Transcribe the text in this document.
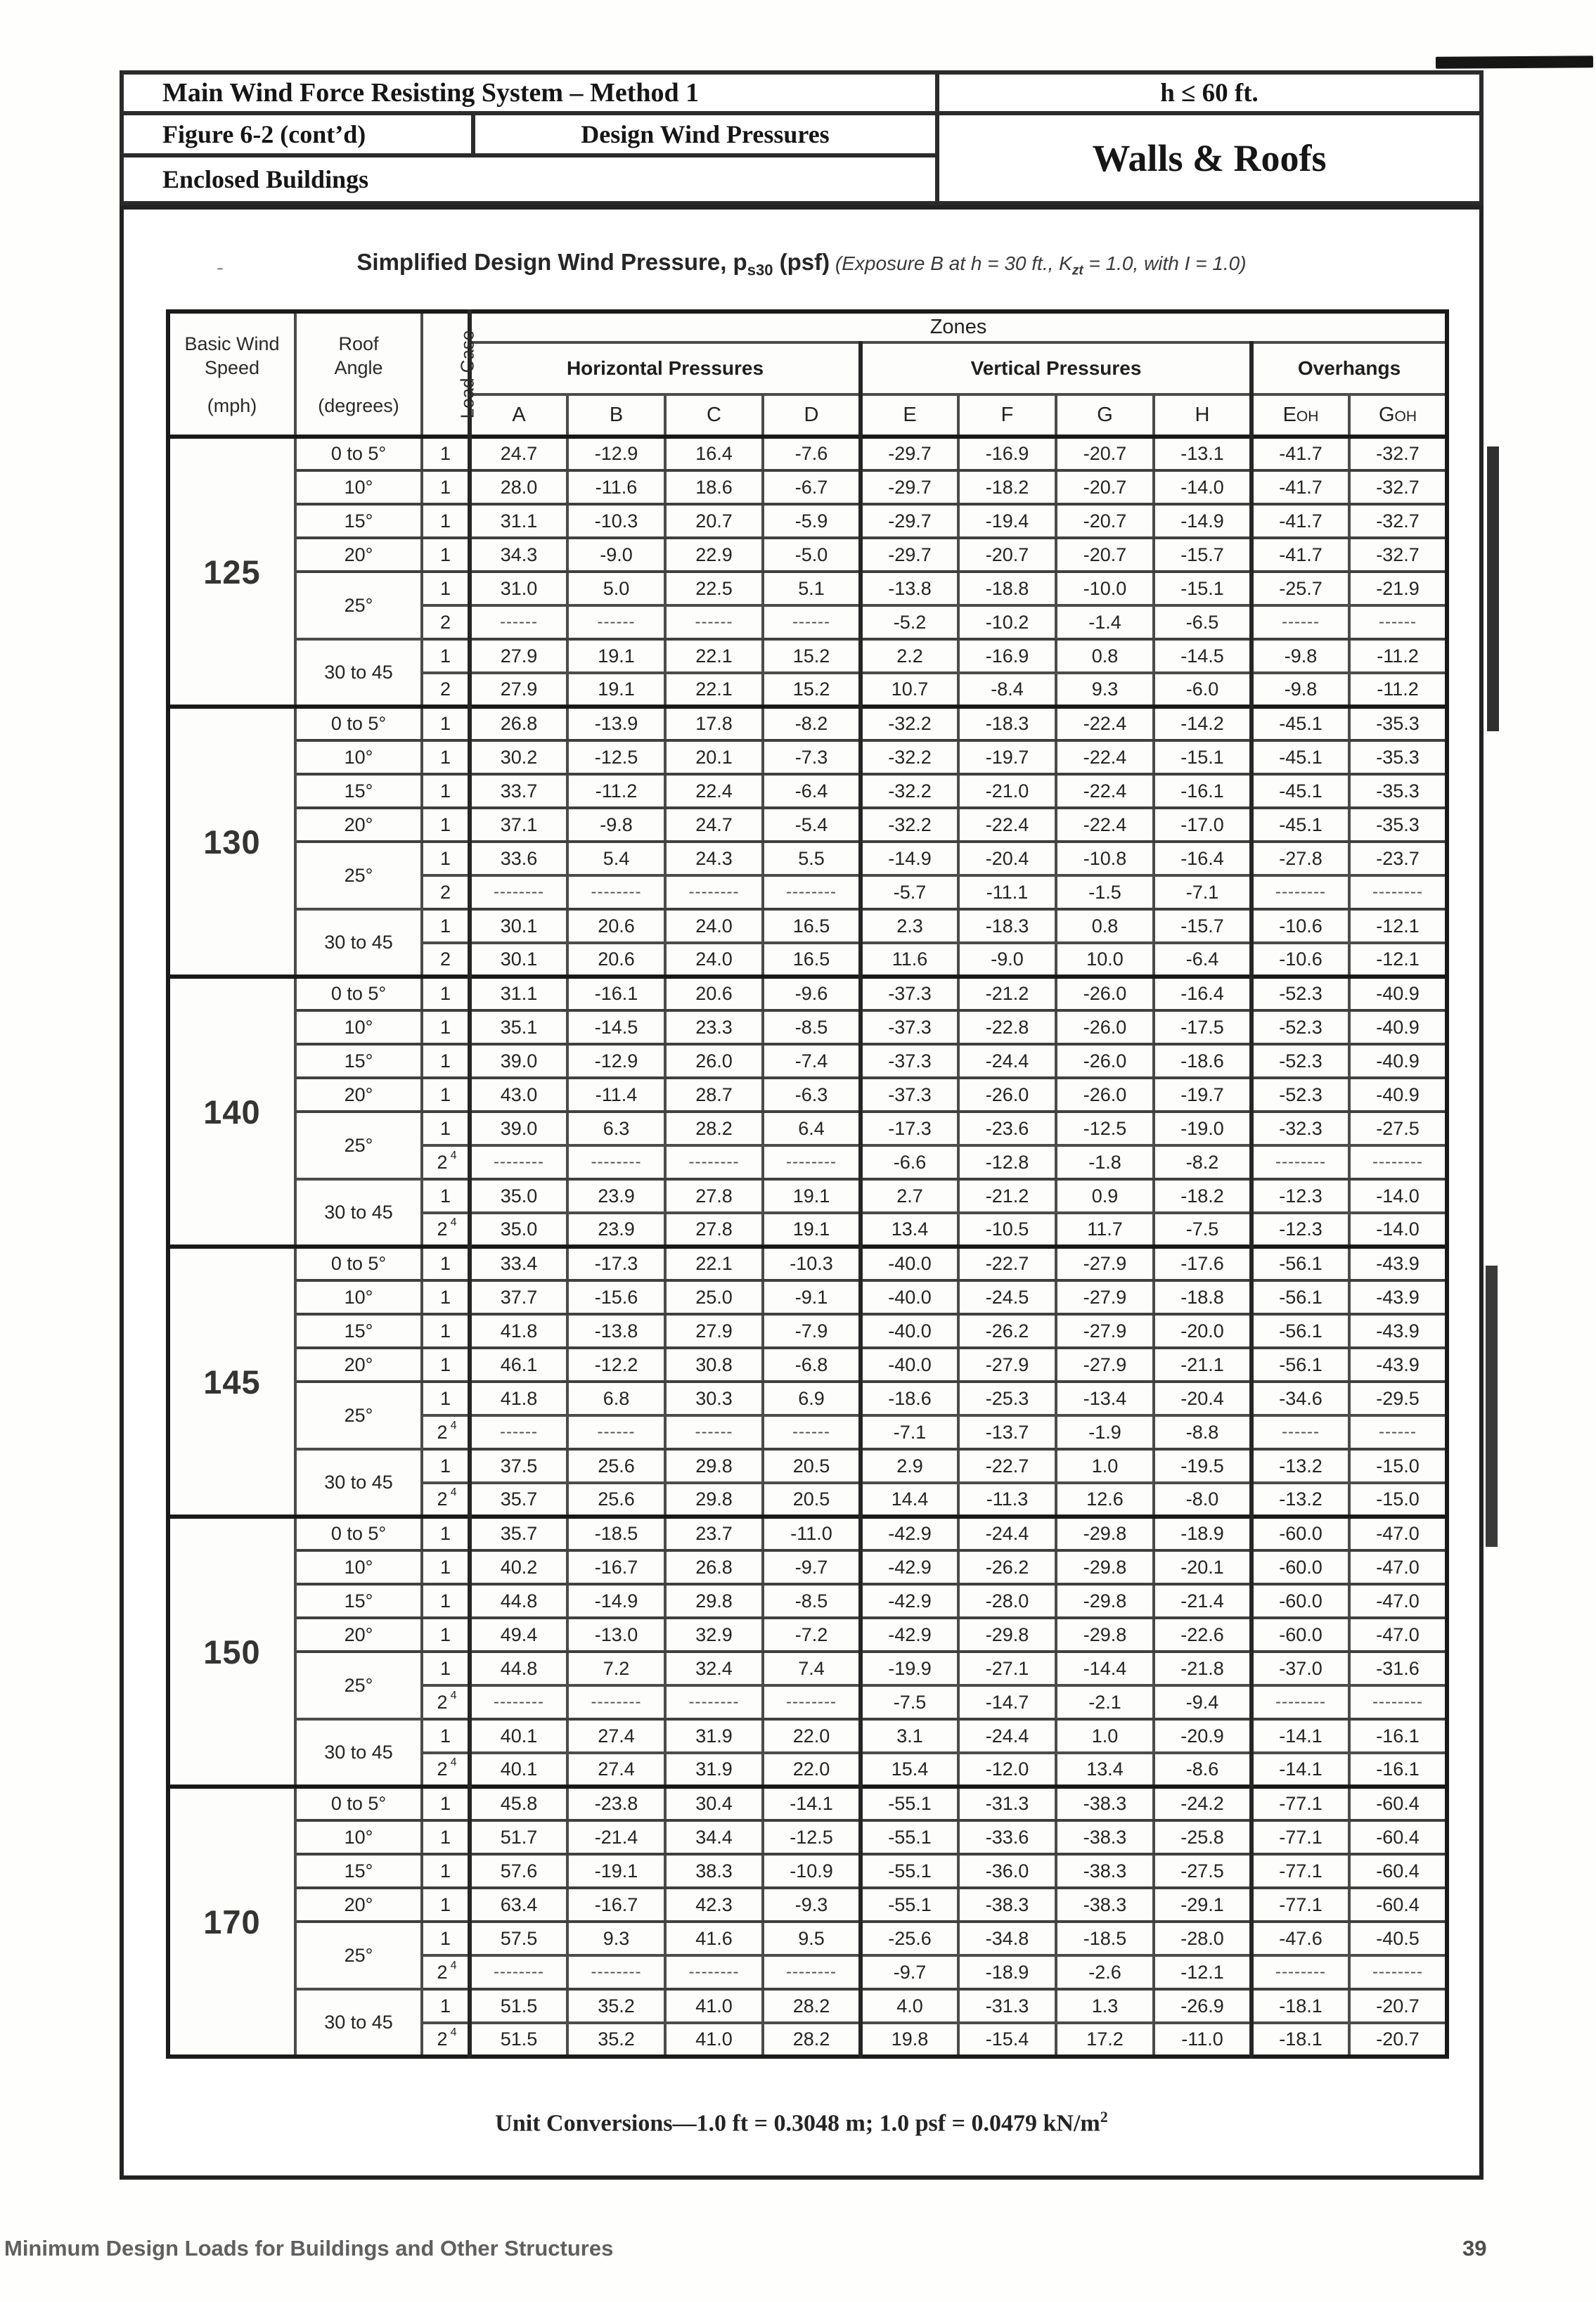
Main Wind Force Resisting System – Method 1
Figure 6-2 (cont’d)	Design Wind Pressures
Enclosed Buildings
h ≤ 60 ft.
Walls & Roofs
-	Simplified Design Wind Pressure, $p_{s30}$ (psf) (Exposure B at h = 30 ft., $K_{zt} = 1.0$, with I = 1.0)
Basic Wind
Speed
(mph)

Roof
Angle
(degrees)	Load Case	Zones
			Horizontal Pressures				Vertical Pressures				Overhangs	
			A	B	C	D	E	F	G	H	EOH	GOH
125	0 to 5°	1	24.7	-12.9	16.4	-7.6	-29.7	-16.9	-20.7	-13.1	-41.7	-32.7
	10°	1	28.0	-11.6	18.6	-6.7	-29.7	-18.2	-20.7	-14.0	-41.7	-32.7
	15°	1	31.1	-10.3	20.7	-5.9	-29.7	-19.4	-20.7	-14.9	-41.7	-32.7
	20°	1	34.3	-9.0	22.9	-5.0	-29.7	-20.7	-20.7	-15.7	-41.7	-32.7
	25°	1	31.0	5.0	22.5	5.1	-13.8	-18.8	-10.0	-15.1	-25.7	-21.9
		2	------	------	------	------	-5.2	-10.2	-1.4	-6.5	------	------
	30 to 45	1	27.9	19.1	22.1	15.2	2.2	-16.9	0.8	-14.5	-9.8	-11.2
		2	27.9	19.1	22.1	15.2	10.7	-8.4	9.3	-6.0	-9.8	-11.2
130	0 to 5°	1	26.8	-13.9	17.8	-8.2	-32.2	-18.3	-22.4	-14.2	-45.1	-35.3
	10°	1	30.2	-12.5	20.1	-7.3	-32.2	-19.7	-22.4	-15.1	-45.1	-35.3
	15°	1	33.7	-11.2	22.4	-6.4	-32.2	-21.0	-22.4	-16.1	-45.1	-35.3
	20°	1	37.1	-9.8	24.7	-5.4	-32.2	-22.4	-22.4	-17.0	-45.1	-35.3
	25°	1	33.6	5.4	24.3	5.5	-14.9	-20.4	-10.8	-16.4	-27.8	-23.7
		2	--------	--------	--------	--------	-5.7	-11.1	-1.5	-7.1	--------	--------
	30 to 45	1	30.1	20.6	24.0	16.5	2.3	-18.3	0.8	-15.7	-10.6	-12.1
		2	30.1	20.6	24.0	16.5	11.6	-9.0	10.0	-6.4	-10.6	-12.1
140	0 to 5°	1	31.1	-16.1	20.6	-9.6	-37.3	-21.2	-26.0	-16.4	-52.3	-40.9
	10°	1	35.1	-14.5	23.3	-8.5	-37.3	-22.8	-26.0	-17.5	-52.3	-40.9
	15°	1	39.0	-12.9	26.0	-7.4	-37.3	-24.4	-26.0	-18.6	-52.3	-40.9
	20°	1	43.0	-11.4	28.7	-6.3	-37.3	-26.0	-26.0	-19.7	-52.3	-40.9
	25°	1	39.0	6.3	28.2	6.4	-17.3	-23.6	-12.5	-19.0	-32.3	-27.5
		2 $^4$	--------	--------	--------	--------	-6.6	-12.8	-1.8	-8.2	--------	--------
	30 to 45	1	35.0	23.9	27.8	19.1	2.7	-21.2	0.9	-18.2	-12.3	-14.0
		2 $^4$	35.0	23.9	27.8	19.1	13.4	-10.5	11.7	-7.5	-12.3	-14.0
145	0 to 5°	1	33.4	-17.3	22.1	-10.3	-40.0	-22.7	-27.9	-17.6	-56.1	-43.9
	10°	1	37.7	-15.6	25.0	-9.1	-40.0	-24.5	-27.9	-18.8	-56.1	-43.9
	15°	1	41.8	-13.8	27.9	-7.9	-40.0	-26.2	-27.9	-20.0	-56.1	-43.9
	20°	1	46.1	-12.2	30.8	-6.8	-40.0	-27.9	-27.9	-21.1	-56.1	-43.9
	25°	1	41.8	6.8	30.3	6.9	-18.6	-25.3	-13.4	-20.4	-34.6	-29.5
		2 $^4$	------	------	------	------	-7.1	-13.7	-1.9	-8.8	------	------
	30 to 45	1	37.5	25.6	29.8	20.5	2.9	-22.7	1.0	-19.5	-13.2	-15.0
		2 $^4$	35.7	25.6	29.8	20.5	14.4	-11.3	12.6	-8.0	-13.2	-15.0
150	0 to 5°	1	35.7	-18.5	23.7	-11.0	-42.9	-24.4	-29.8	-18.9	-60.0	-47.0
	10°	1	40.2	-16.7	26.8	-9.7	-42.9	-26.2	-29.8	-20.1	-60.0	-47.0
	15°	1	44.8	-14.9	29.8	-8.5	-42.9	-28.0	-29.8	-21.4	-60.0	-47.0
	20°	1	49.4	-13.0	32.9	-7.2	-42.9	-29.8	-29.8	-22.6	-60.0	-47.0
	25°	1	44.8	7.2	32.4	7.4	-19.9	-27.1	-14.4	-21.8	-37.0	-31.6
		2 $^4$	--------	--------	--------	--------	-7.5	-14.7	-2.1	-9.4	--------	--------
	30 to 45	1	40.1	27.4	31.9	22.0	3.1	-24.4	1.0	-20.9	-14.1	-16.1
		2 $^4$	40.1	27.4	31.9	22.0	15.4	-12.0	13.4	-8.6	-14.1	-16.1
170	0 to 5°	1	45.8	-23.8	30.4	-14.1	-55.1	-31.3	-38.3	-24.2	-77.1	-60.4
	10°	1	51.7	-21.4	34.4	-12.5	-55.1	-33.6	-38.3	-25.8	-77.1	-60.4
	15°	1	57.6	-19.1	38.3	-10.9	-55.1	-36.0	-38.3	-27.5	-77.1	-60.4
	20°	1	63.4	-16.7	42.3	-9.3	-55.1	-38.3	-38.3	-29.1	-77.1	-60.4
	25°	1	57.5	9.3	41.6	9.5	-25.6	-34.8	-18.5	-28.0	-47.6	-40.5
		2 $^4$	--------	--------	--------	--------	-9.7	-18.9	-2.6	-12.1	--------	--------
	30 to 45	1	51.5	35.2	41.0	28.2	4.0	-31.3	1.3	-26.9	-18.1	-20.7
		2 $^4$	51.5	35.2	41.0	28.2	19.8	-15.4	17.2	-11.0	-18.1	-20.7
Unit Conversions—1.0 ft = 0.3048 m; 1.0 psf = 0.0479 $kN/m^2$
Minimum Design Loads for Buildings and Other Structures	39
